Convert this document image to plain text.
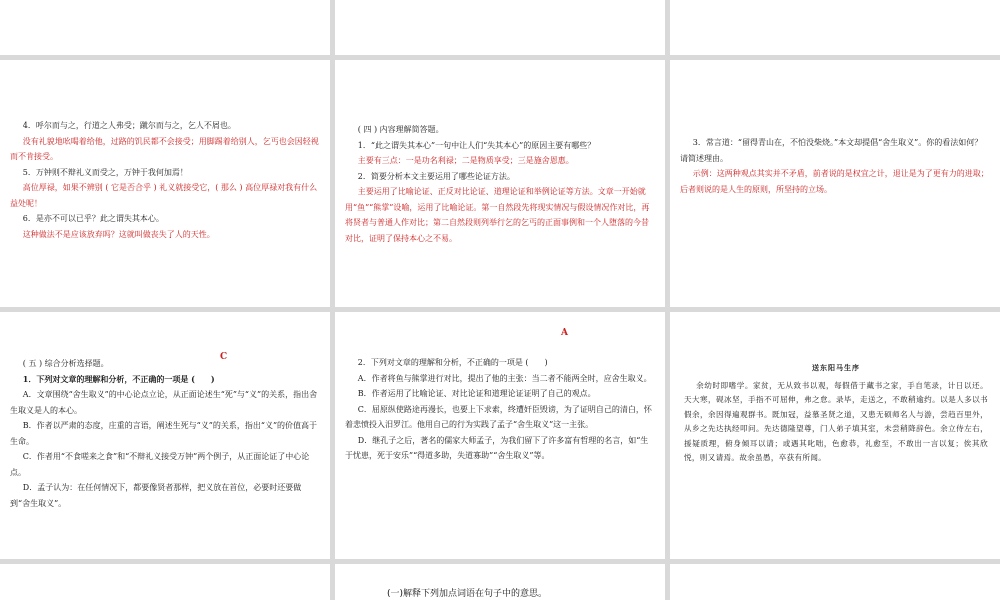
4．呼尔而与之，行道之人弗受；蹴尔而与之，乞人不屑也。
没有礼貌地吆喝着给他，过路的饥民都不会接受；用脚踢着给别人，乞丐也会因轻视而不肯接受。
5．万钟则不辩礼义而受之，万钟于我何加焉！
高位厚禄，如果不辨别 ( 它是否合乎 ) 礼义就接受它，( 那么 ) 高位厚禄对我有什么益处呢！
6．是亦不可以已乎？此之谓失其本心。
这种做法不是应该放弃吗？这就叫做丧失了人的天性。
( 四 ) 内容理解简答题。
1．“此之谓失其本心”一句中让人们“失其本心”的原因主要有哪些？
主要有三点：一是功名利禄；二是物质享受；三是施舍恩惠。
2．简要分析本文主要运用了哪些论证方法。
主要运用了比喻论证、正反对比论证、道理论证和举例论证等方法。文章一开始就用“鱼”“熊掌”设喻，运用了比喻论证。第一自然段先将现实情况与假设情况作对比，再将贤者与普通人作对比；第二自然段则列举行乞的乞丐的正面事例和一个人堕落的今昔对比，证明了保持本心之不易。
3．常言道：“留得青山在，不怕没柴烧。”本文却提倡“舍生取义”。你的看法如何？请简述理由。
示例：这两种观点其实并不矛盾，前者说的是权宜之计，退让是为了更有力的进取；后者则说的是人生的原则，所坚持的立场。
C
( 五 ) 综合分析选择题。
1．下列对文章的理解和分析，不正确的一项是 (　　)
A．文章围绕“舍生取义”的中心论点立论，从正面论述生“死”与“义”的关系，指出舍生取义是人的本心。
B．作者以严肃的态度，庄重的言语，阐述生死与“义”的关系，指出“义”的价值高于生命。
C．作者用“不食嗟来之食”和“不辩礼义接受万钟”两个例子，从正面论证了中心论点。
D．孟子认为：在任何情况下，都要像贤者那样，把义放在首位，必要时还要做到“舍生取义”。
A
2．下列对文章的理解和分析，不正确的一项是 (　　)
A．作者将鱼与熊掌进行对比，提出了他的主张：当二者不能两全时，应舍生取义。
B．作者运用了比喻论证、对比论证和道理论证证明了自己的观点。
C．屈原纵使路途再漫长，也要上下求索，终遭奸臣毁谤，为了证明自己的清白，怀着悲愤投入汨罗江。他用自己的行为实践了孟子“舍生取义”这一主张。
D．继孔子之后，著名的儒家大师孟子，为我们留下了许多富有哲理的名言，如“生于忧患，死于安乐”“得道多助，失道寡助”“舍生取义”等。
送东阳马生序
余幼时即嗜学。家贫，无从致书以观，每假借于藏书之家，手自笔录，计日以还。天大寒，砚冰坚，手指不可屈伸，弗之怠。录毕，走送之，不敢稍逾约。以是人多以书假余，余因得遍观群书。既加冠，益慕圣贤之道，又患无硕师名人与游，尝趋百里外，从乡之先达执经叩问。先达德隆望尊，门人弟子填其室，未尝稍降辞色。余立侍左右，援疑质理，俯身倾耳以请；或遇其叱咄，色愈恭，礼愈至，不敢出一言以复；俟其欣悦，则又请焉。故余虽愚，卒获有所闻。
(一)解释下列加点词语在句子中的意思。
